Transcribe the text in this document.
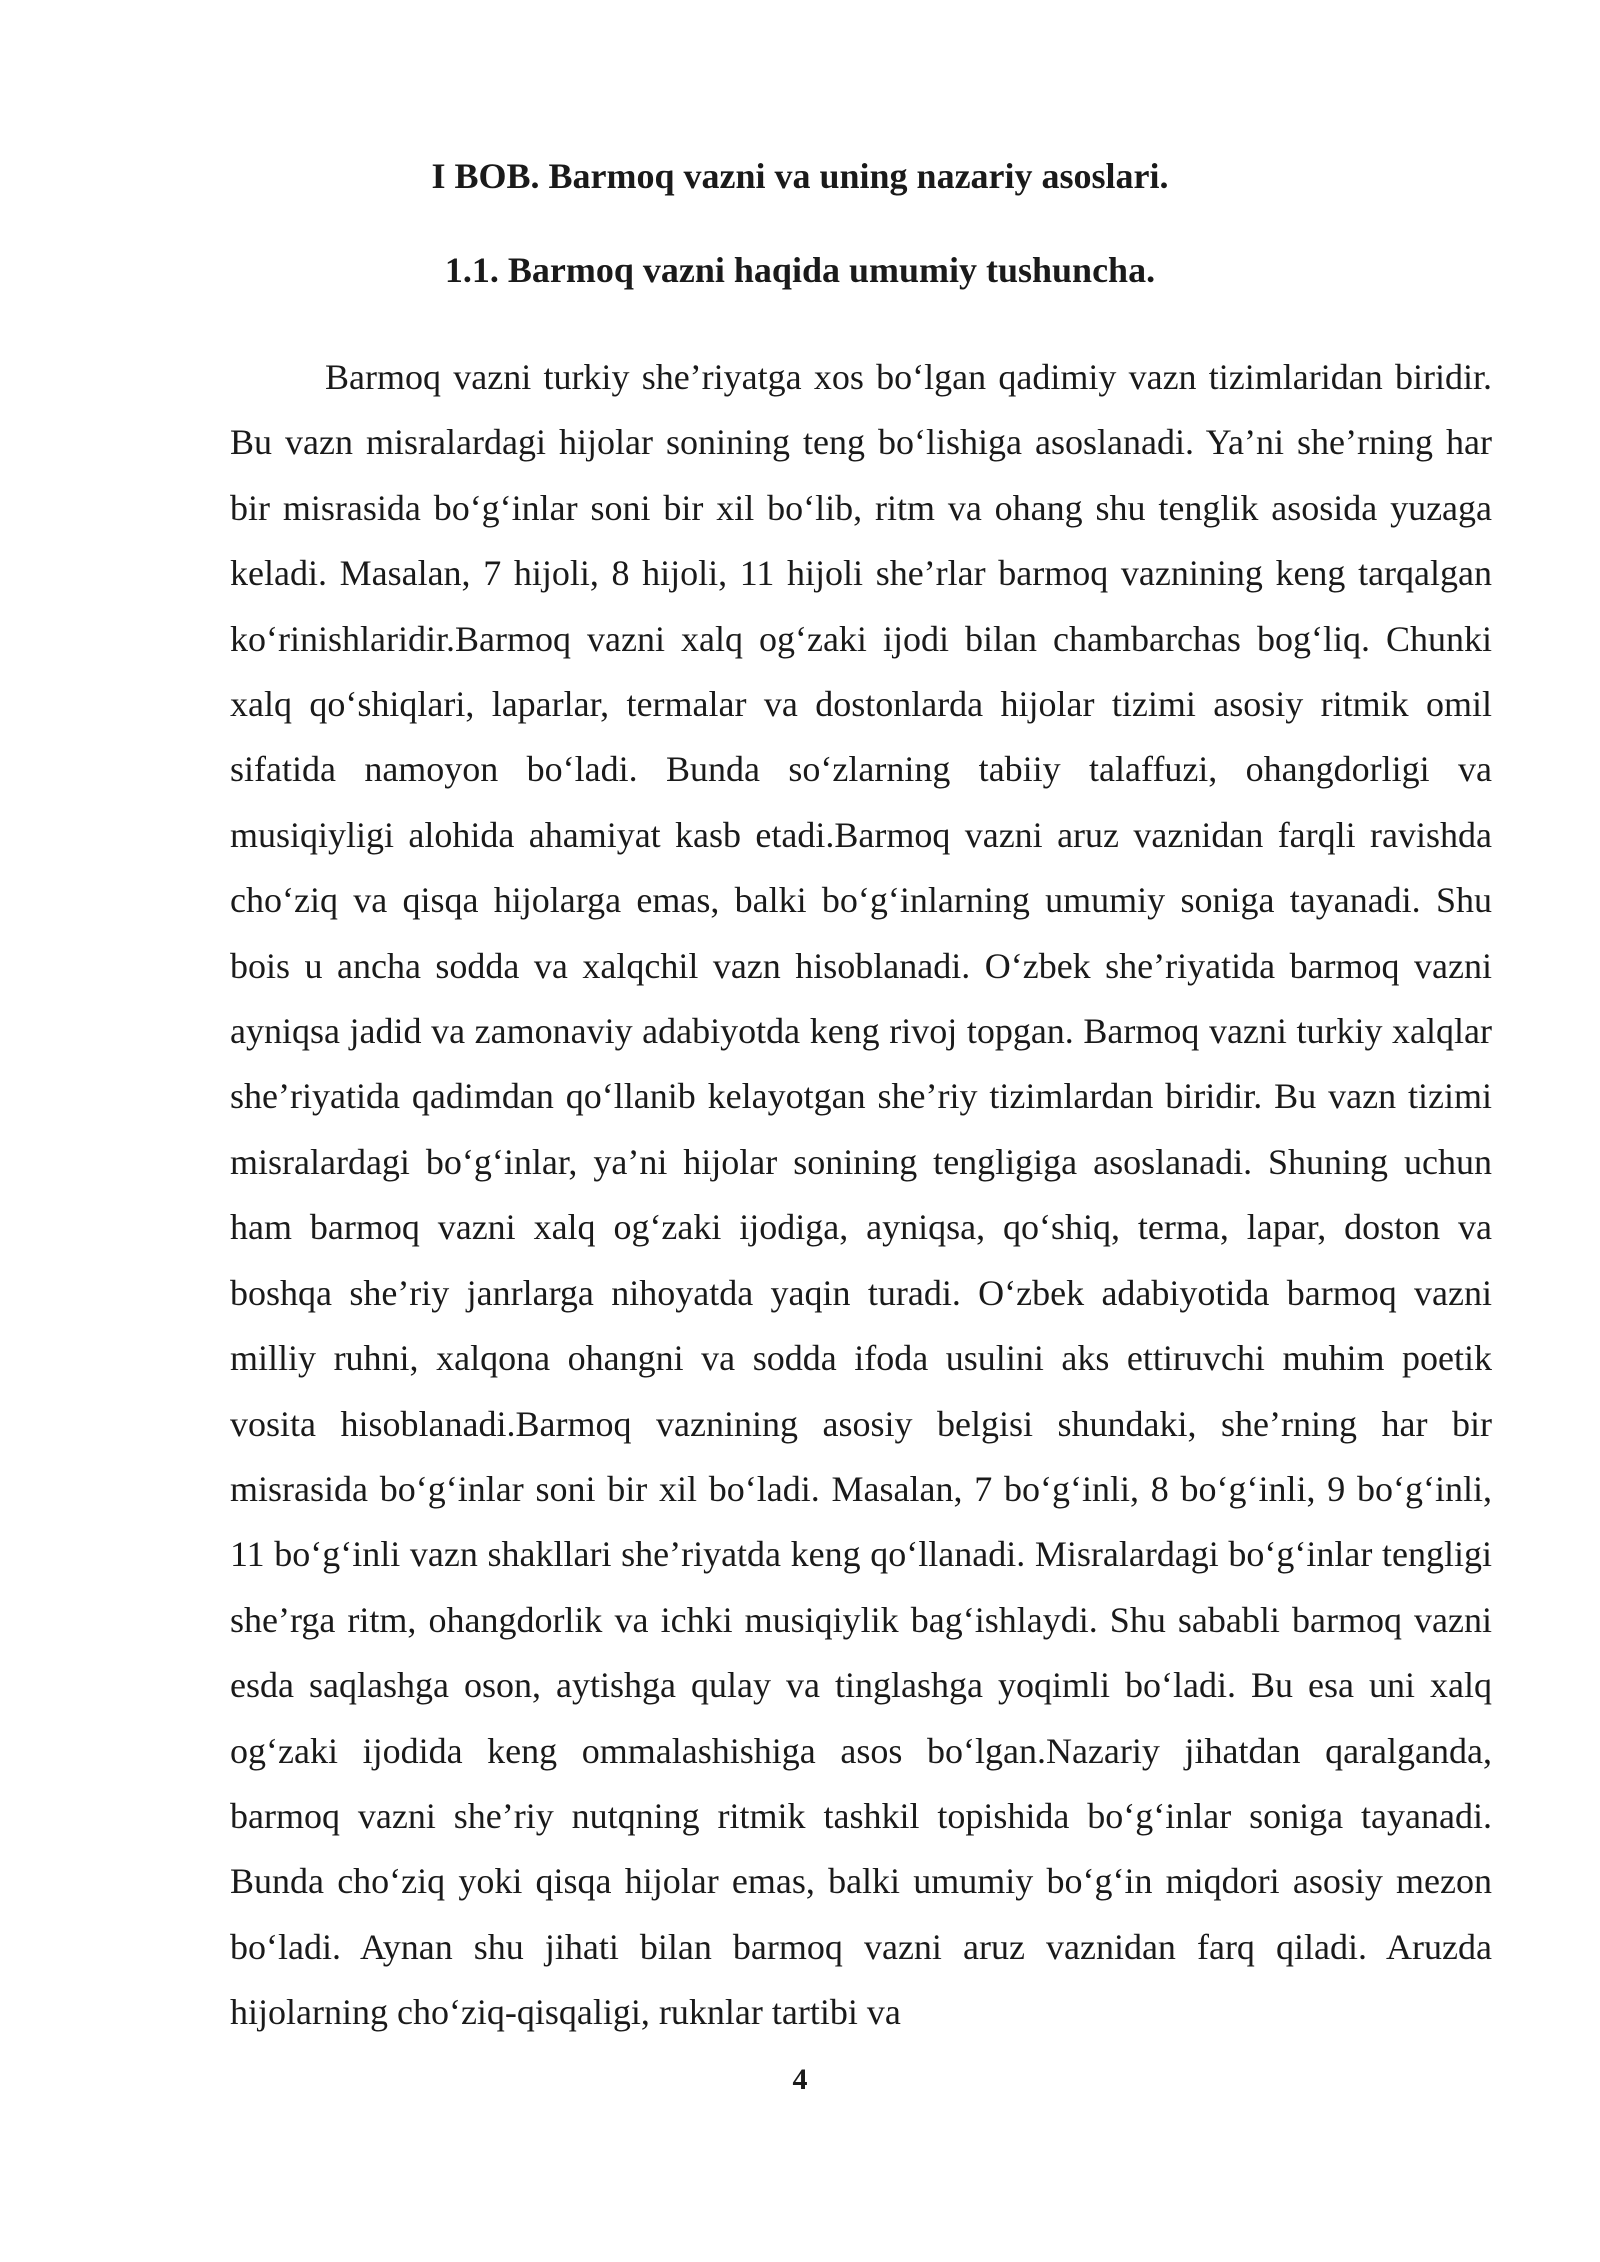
I BOB. Barmoq vazni va uning nazariy asoslari.
1.1. Barmoq vazni haqida umumiy tushuncha.

Barmoq vazni turkiy she’riyatga xos bo‘lgan qadimiy vazn tizimlaridan biridir. Bu vazn misralardagi hijolar sonining teng bo‘lishiga asoslanadi. Ya’ni she’rning har bir misrasida bo‘g‘inlar soni bir xil bo‘lib, ritm va ohang shu tenglik asosida yuzaga keladi. Masalan, 7 hijoli, 8 hijoli, 11 hijoli she’rlar barmoq vaznining keng tarqalgan ko‘rinishlaridir.Barmoq vazni xalq og‘zaki ijodi bilan chambarchas bog‘liq. Chunki xalq qo‘shiqlari, laparlar, termalar va dostonlarda hijolar tizimi asosiy ritmik omil sifatida namoyon bo‘ladi. Bunda so‘zlarning tabiiy talaffuzi, ohangdorligi va musiqiyligi alohida ahamiyat kasb etadi.Barmoq vazni aruz vaznidan farqli ravishda cho‘ziq va qisqa hijolarga emas, balki bo‘g‘inlarning umumiy soniga tayanadi. Shu bois u ancha sodda va xalqchil vazn hisoblanadi. O‘zbek she’riyatida barmoq vazni ayniqsa jadid va zamonaviy adabiyotda keng rivoj topgan. Barmoq vazni turkiy xalqlar she’riyatida qadimdan qo‘llanib kelayotgan she’riy tizimlardan biridir. Bu vazn tizimi misralardagi bo‘g‘inlar, ya’ni hijolar sonining tengligiga asoslanadi. Shuning uchun ham barmoq vazni xalq og‘zaki ijodiga, ayniqsa, qo‘shiq, terma, lapar, doston va boshqa she’riy janrlarga nihoyatda yaqin turadi. O‘zbek adabiyotida barmoq vazni milliy ruhni, xalqona ohangni va sodda ifoda usulini aks ettiruvchi muhim poetik vosita hisoblanadi.Barmoq vaznining asosiy belgisi shundaki, she’rning har bir misrasida bo‘g‘inlar soni bir xil bo‘ladi. Masalan, 7 bo‘g‘inli, 8 bo‘g‘inli, 9 bo‘g‘inli, 11 bo‘g‘inli vazn shakllari she’riyatda keng qo‘llanadi. Misralardagi bo‘g‘inlar tengligi she’rga ritm, ohangdorlik va ichki musiqiylik bag‘ishlaydi. Shu sababli barmoq vazni esda saqlashga oson, aytishga qulay va tinglashga yoqimli bo‘ladi. Bu esa uni xalq og‘zaki ijodida keng ommalashishiga asos bo‘lgan.Nazariy jihatdan qaralganda, barmoq vazni she’riy nutqning ritmik tashkil topishida bo‘g‘inlar soniga tayanadi. Bunda cho‘ziq yoki qisqa hijolar emas, balki umumiy bo‘g‘in miqdori asosiy mezon bo‘ladi. Aynan shu jihati bilan barmoq vazni aruz vaznidan farq qiladi. Aruzda hijolarning cho‘ziq-qisqaligi, ruknlar tartibi va

4
